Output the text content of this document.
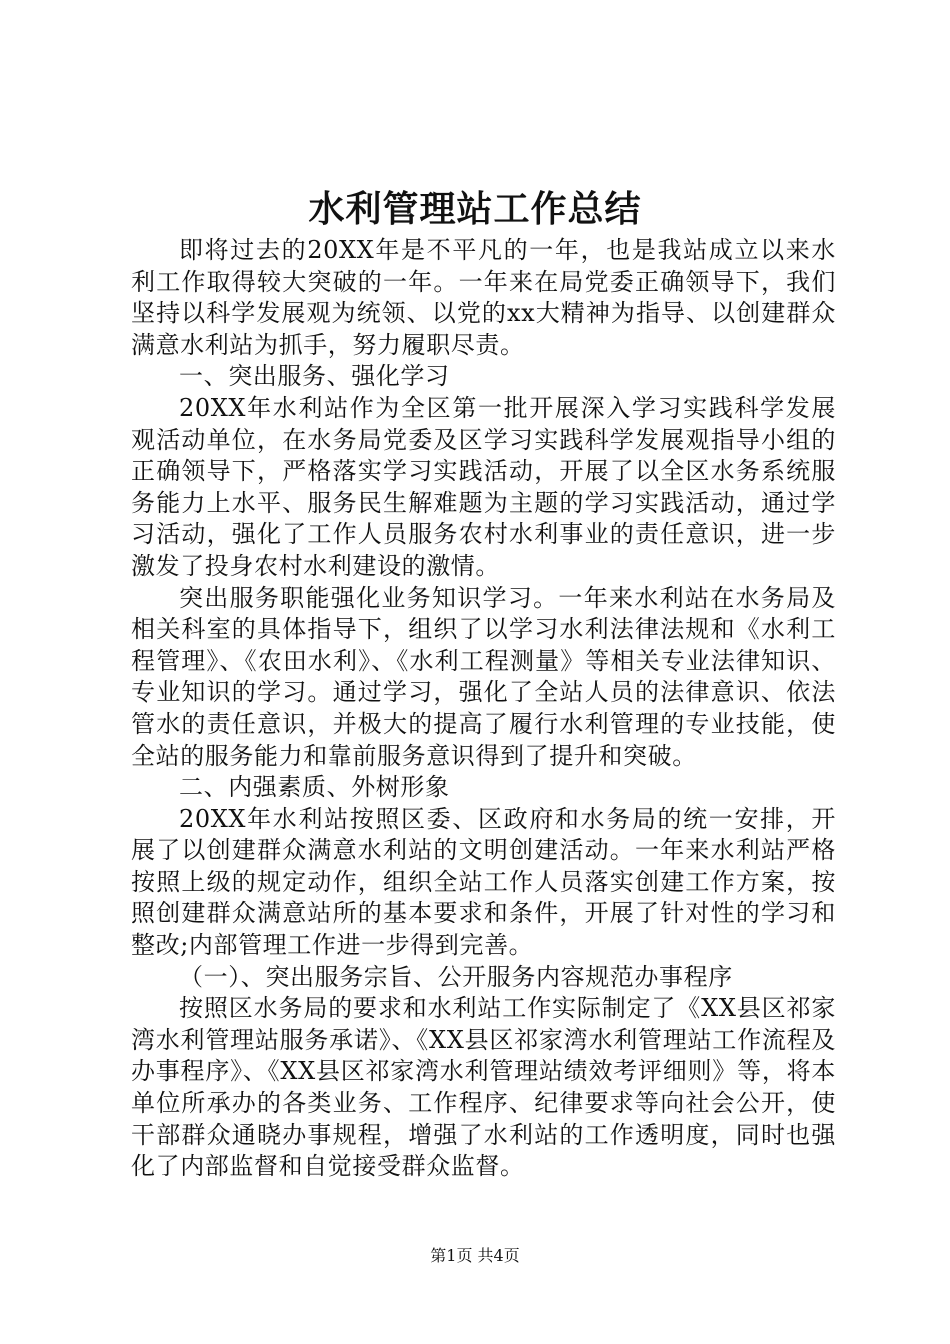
水利管理站工作总结

即将过去的20XX年是不平凡的一年，也是我站成立以来水利工作取得较大突破的一年。一年来在局党委正确领导下，我们坚持以科学发展观为统领、以党的xx大精神为指导、以创建群众满意水利站为抓手，努力履职尽责。

一、突出服务、强化学习

20XX年水利站作为全区第一批开展深入学习实践科学发展观活动单位，在水务局党委及区学习实践科学发展观指导小组的正确领导下，严格落实学习实践活动，开展了以全区水务系统服务能力上水平、服务民生解难题为主题的学习实践活动，通过学习活动，强化了工作人员服务农村水利事业的责任意识，进一步激发了投身农村水利建设的激情。

突出服务职能强化业务知识学习。一年来水利站在水务局及相关科室的具体指导下，组织了以学习水利法律法规和《水利工程管理》、《农田水利》、《水利工程测量》等相关专业法律知识、专业知识的学习。通过学习，强化了全站人员的法律意识、依法管水的责任意识，并极大的提高了履行水利管理的专业技能，使全站的服务能力和靠前服务意识得到了提升和突破。

二、内强素质、外树形象

20XX年水利站按照区委、区政府和水务局的统一安排，开展了以创建群众满意水利站的文明创建活动。一年来水利站严格按照上级的规定动作，组织全站工作人员落实创建工作方案，按照创建群众满意站所的基本要求和条件，开展了针对性的学习和整改;内部管理工作进一步得到完善。

（一）、突出服务宗旨、公开服务内容规范办事程序

按照区水务局的要求和水利站工作实际制定了《XX县区祁家湾水利管理站服务承诺》、《XX县区祁家湾水利管理站工作流程及办事程序》、《XX县区祁家湾水利管理站绩效考评细则》等，将本单位所承办的各类业务、工作程序、纪律要求等向社会公开，使干部群众通晓办事规程，增强了水利站的工作透明度，同时也强化了内部监督和自觉接受群众监督。

第1页 共4页
